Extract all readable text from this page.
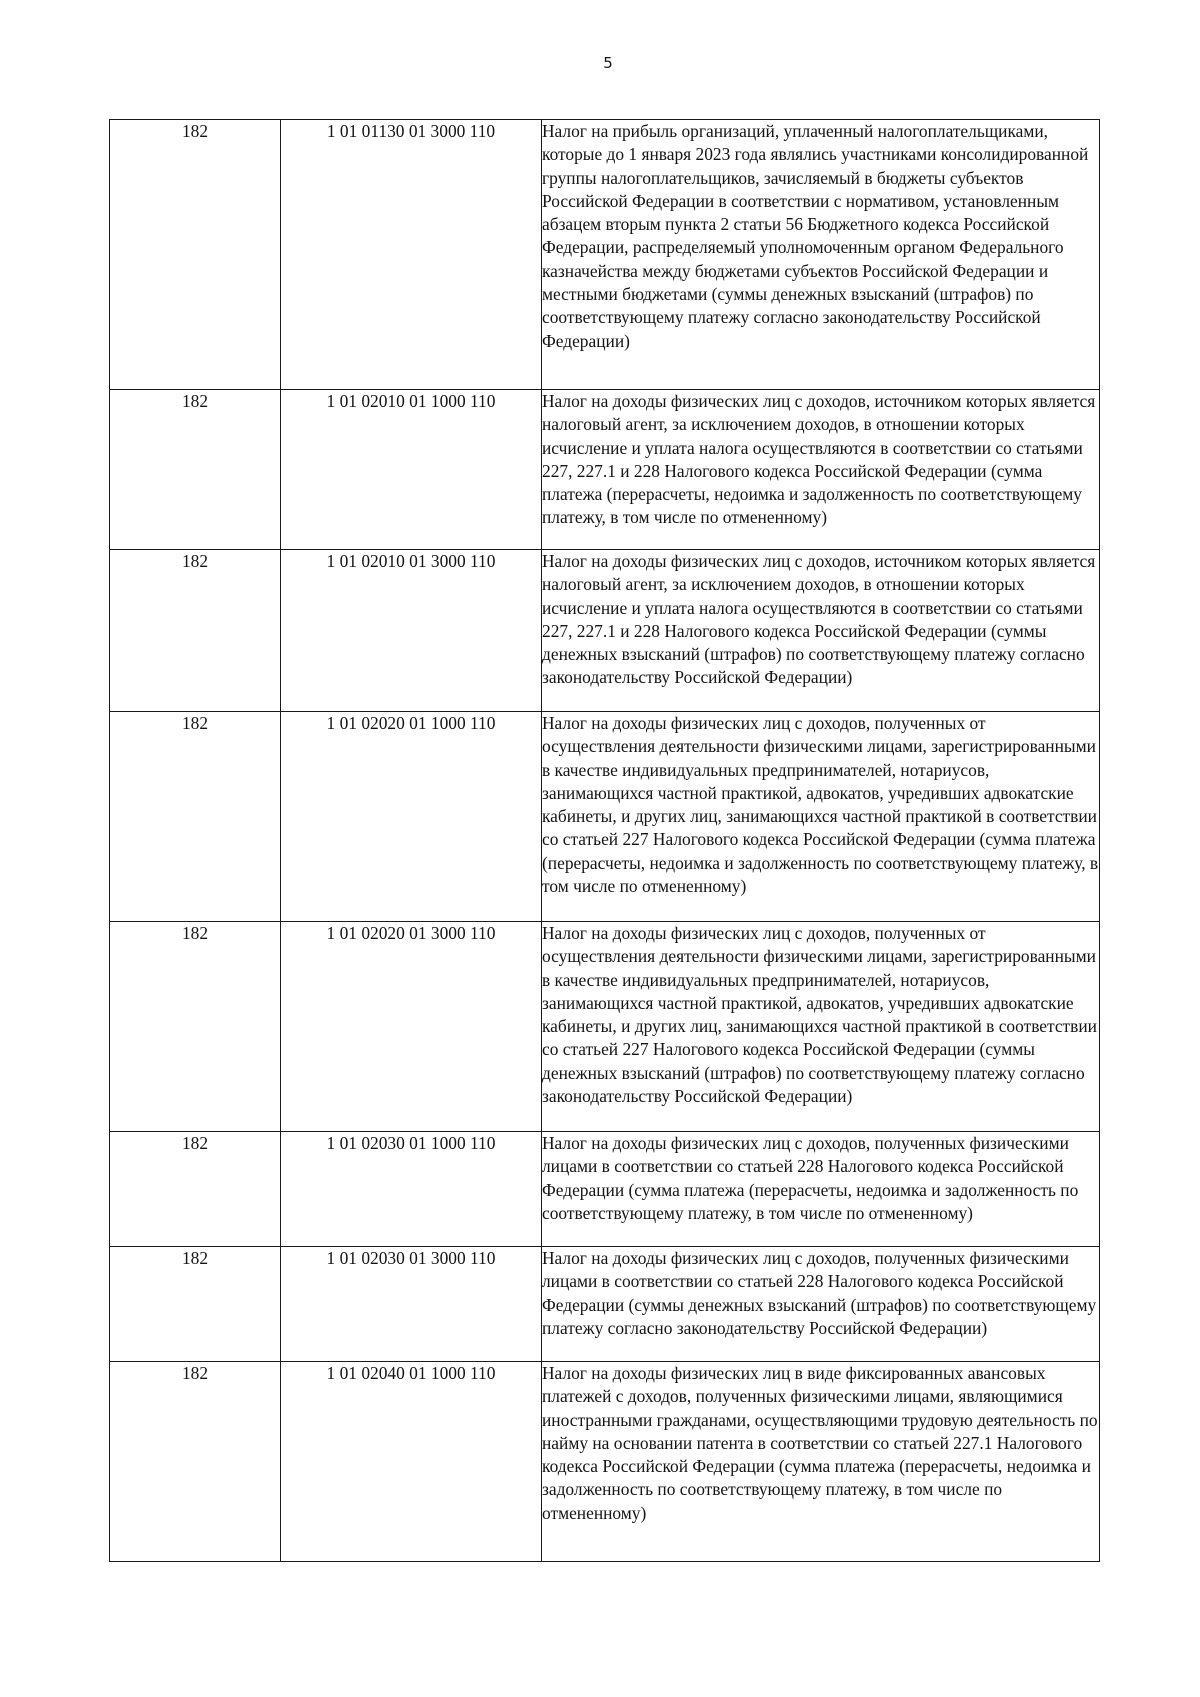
5
182	1 01 01130 01 3000 110	Налог на прибыль организаций, уплаченный налогоплательщиками, которые до 1 января 2023 года являлись участниками консолидированной группы налогоплательщиков, зачисляемый в бюджеты субъектов Российской Федерации в соответствии с нормативом, установленным абзацем вторым пункта 2 статьи 56 Бюджетного кодекса Российской Федерации, распределяемый уполномоченным органом Федерального казначейства между бюджетами субъектов Российской Федерации и местными бюджетами (суммы денежных взысканий (штрафов) по соответствующему платежу согласно законодательству Российской Федерации)
182	1 01 02010 01 1000 110	Налог на доходы физических лиц с доходов, источником которых является налоговый агент, за исключением доходов, в отношении которых исчисление и уплата налога осуществляются в соответствии со статьями 227, 227.1 и 228 Налогового кодекса Российской Федерации (сумма платежа (перерасчеты, недоимка и задолженность по соответствующему платежу, в том числе по отмененному)
182	1 01 02010 01 3000 110	Налог на доходы физических лиц с доходов, источником которых является налоговый агент, за исключением доходов, в отношении которых исчисление и уплата налога осуществляются в соответствии со статьями 227, 227.1 и 228 Налогового кодекса Российской Федерации (суммы денежных взысканий (штрафов) по соответствующему платежу согласно законодательству Российской Федерации)
182	1 01 02020 01 1000 110	Налог на доходы физических лиц с доходов, полученных от осуществления деятельности физическими лицами, зарегистрированными в качестве индивидуальных предпринимателей, нотариусов, занимающихся частной практикой, адвокатов, учредивших адвокатские кабинеты, и других лиц, занимающихся частной практикой в соответствии со статьей 227 Налогового кодекса Российской Федерации (сумма платежа (перерасчеты, недоимка и задолженность по соответствующему платежу, в том числе по отмененному)
182	1 01 02020 01 3000 110	Налог на доходы физических лиц с доходов, полученных от осуществления деятельности физическими лицами, зарегистрированными в качестве индивидуальных предпринимателей, нотариусов, занимающихся частной практикой, адвокатов, учредивших адвокатские кабинеты, и других лиц, занимающихся частной практикой в соответствии со статьей 227 Налогового кодекса Российской Федерации (суммы денежных взысканий (штрафов) по соответствующему платежу согласно законодательству Российской Федерации)
182	1 01 02030 01 1000 110	Налог на доходы физических лиц с доходов, полученных физическими лицами в соответствии со статьей 228 Налогового кодекса Российской Федерации (сумма платежа (перерасчеты, недоимка и задолженность по соответствующему платежу, в том числе по отмененному)
182	1 01 02030 01 3000 110	Налог на доходы физических лиц с доходов, полученных физическими лицами в соответствии со статьей 228 Налогового кодекса Российской Федерации (суммы денежных взысканий (штрафов) по соответствующему платежу согласно законодательству Российской Федерации)
182	1 01 02040 01 1000 110	Налог на доходы физических лиц в виде фиксированных авансовых платежей с доходов, полученных физическими лицами, являющимися иностранными гражданами, осуществляющими трудовую деятельность по найму на основании патента в соответствии со статьей 227.1 Налогового кодекса Российской Федерации (сумма платежа (перерасчеты, недоимка и задолженность по соответствующему платежу, в том числе по отмененному)
